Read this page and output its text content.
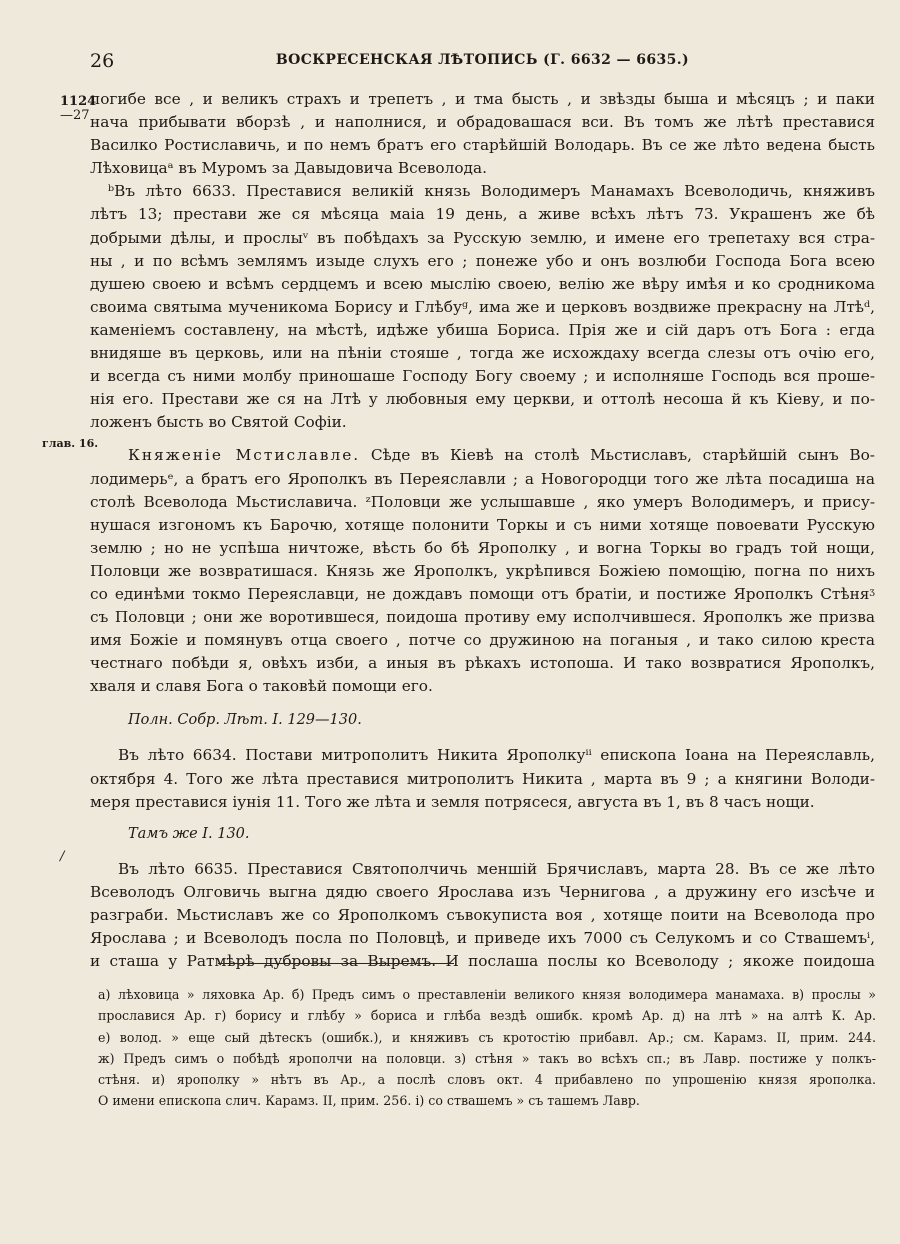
26	ВОСКРЕСЕНСКАЯ ЛѢТОПИСЬ (Г. 6632 — 6635.)
1124
—27
глав. 16.
/
погибе все , и великъ страхъ и трепетъ , и тма бысть , и звѣзды быша и мѣсяцъ ; и паки
нача прибывати вборзѣ , и наполнися, и обрадовашася вси. Въ томъ же лѣтѣ преставися
Василко Ростиславичь, и по немъ братъ его старѣйшiй Володарь. Въ се же лѣто ведена бысть
Лѣховицаᵃ въ Муромъ за Давыдовича Всеволода.
ᵇВъ лѣто 6633. Преставися великiй князь Володимеръ Манамахъ Всеволодичь, княживъ
лѣтъ 13; престави же ся мѣсяца маiа 19 день, а живе всѣхъ лѣтъ 73. Украшенъ же бѣ
добрыми дѣлы, и прослыᵛ въ побѣдахъ за Русскую землю, и имене его трепетаху вся стра-
ны , и по всѣмъ землямъ изыде слухъ его ; понеже убо и онъ возлюби Господа Бога всею
душею своею и всѣмъ сердцемъ и всею мыслiю своею, велiю же вѣру имѣя и ко сродникома
своима святыма мученикома Борису и Глѣбуᵍ, има же и церковъ воздвиже прекрасну на Лтѣᵈ,
каменiемъ составлену, на мѣстѣ, идѣже убиша Бориса. Прiя же и сiй даръ отъ Бога : егда
внидяше въ церковь, или на пѣнiи стояше , тогда же исхождаху всегда слезы отъ очiю его,
и всегда съ ними молбу приношаше Господу Богу своему ; и исполняше Господь вся проше-
нiя его. Престави же ся на Лтѣ у любовныя ему церкви, и оттолѣ несоша й къ Кiеву, и по-
ложенъ бысть во Святой Софiи.
Княженiе Мстиславле. Сѣде въ Кiевѣ на столѣ Мьстиславъ, старѣйшiй сынъ Во-
лодимерьᵉ, а братъ его Ярополкъ въ Переяславли ; а Новогородци того же лѣта посадиша на
столѣ Всеволода Мьстиславича. ᶻПоловци же услышавше , яко умеръ Володимеръ, и прису-
нушася изгономъ къ Барочю, хотяще полонити Торкы и съ ними хотяще повоевати Русскую
землю ; но не успѣша ничтоже, вѣсть бо бѣ Ярополку , и вогна Торкы во градъ той нощи,
Половци же возвратишася. Князь же Ярополкъ, укрѣпився Божiею помощiю, погна по нихъ
со единѣми токмо Переяславци, не дождавъ помощи отъ братiи, и постиже Ярополкъ Стѣняᶾ
съ Половци ; они же воротившеся, поидоша противу ему исполчившеся. Ярополкъ же призва
имя Божiе и помянувъ отца своего , потче со дружиною на поганыя , и тако силою креста
честнаго побѣди я, овѣхъ изби, а иныя въ рѣкахъ истопоша. И тако возвратися Ярополкъ,
хваля и славя Бога о таковѣй помощи его.
Полн. Собр. Лѣт. I. 129—130.
Въ лѣто 6634. Постави митрополитъ Никита Ярополкуⁱⁱ епископа Iоана на Переяславль,
октября 4. Того же лѣта преставися митрополитъ Никита , марта въ 9 ; а княгини Володи-
меря преставися iунiя 11. Того же лѣта и земля потрясеся, августа въ 1, въ 8 часъ нощи.
Тамъ же I. 130.
Въ лѣто 6635. Преставися Святополчичь меншiй Брячиславъ, марта 28. Въ се же лѣто
Всеволодъ Олговичь выгна дядю своего Ярослава изъ Чернигова , а дружину его изсѣче и
разграби. Мьстиславъ же со Ярополкомъ съвокуписта воя , хотяще поити на Всеволода про
Ярослава ; и Всеволодъ посла по Половцѣ, и приведе ихъ 7000 съ Селукомъ и со Ствашемъⁱ,
и сташа у Ратмѣрѣ дубровы за Выремъ. И послаша послы ко Всеволоду ; якоже поидоша
а) лѣховица » ляховка Ар. б) Предъ симъ о преставленiи великого князя володимера манамаха. в) прослы »
прославися Ар. г) борису и глѣбу » бориса и глѣба вездѣ ошибк. кромѣ Ар. д) на лтѣ » на алтѣ К. Ар.
е) волод. » еще сый дѣтескъ (ошибк.), и княживъ съ кротостiю прибавл. Ар.; см. Карамз. II, прим. 244.
ж) Предъ симъ о побѣдѣ ярополчи на половци. з) стѣня » такъ во всѣхъ сп.; въ Лавр. постиже у полкъ-
стѣня. и) ярополку » нѣтъ въ Ар., а послѣ словъ окт. 4 прибавлено по упрошенiю князя ярополка.
О имени епископа слич. Карамз. II, прим. 256. i) со ствашемъ » съ ташемъ Лавр.
